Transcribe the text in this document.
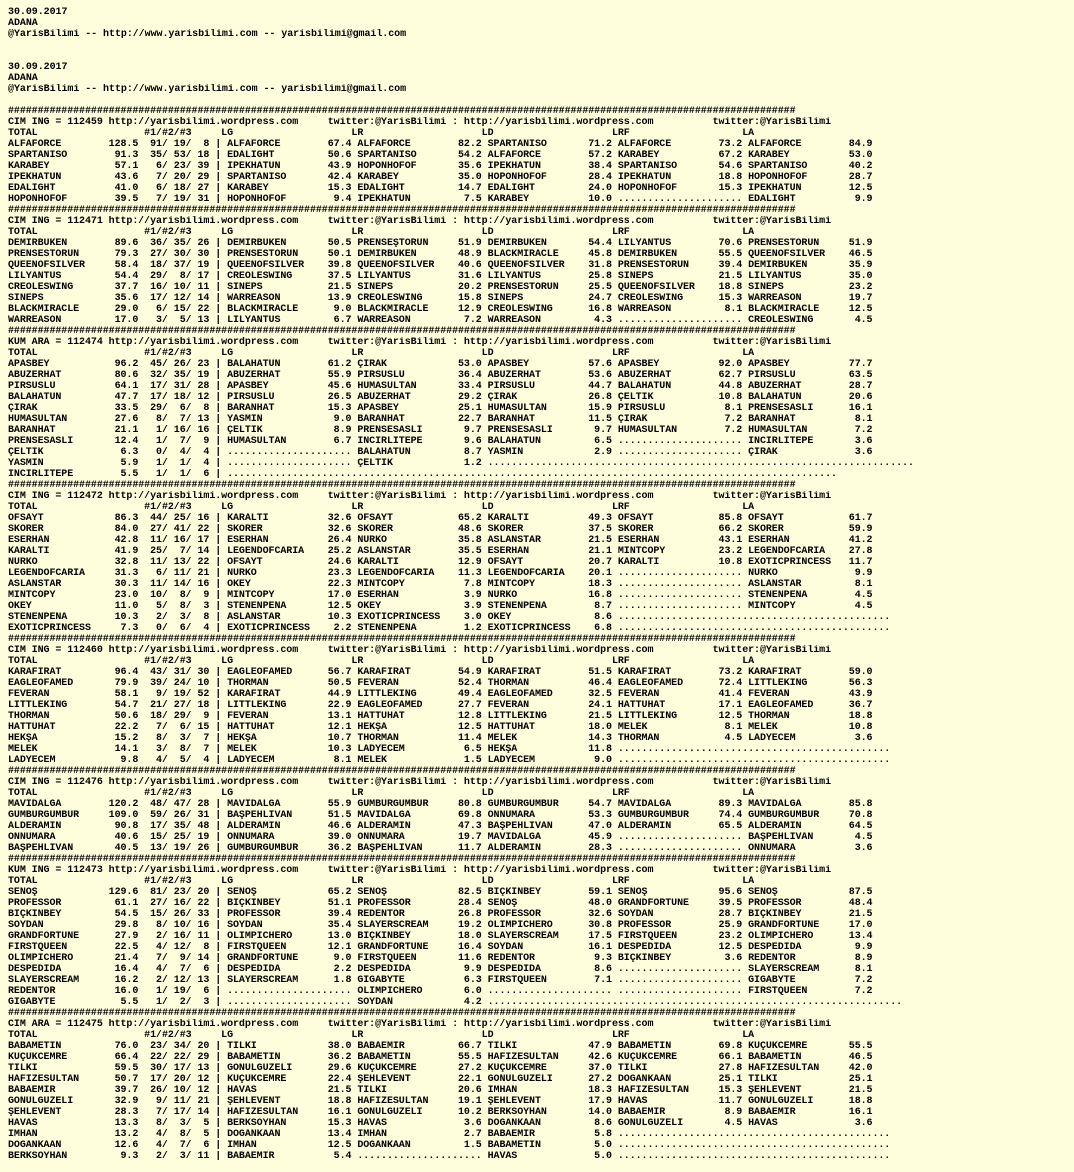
30.09.2017
ADANA
@YarisBilimi -- http://www.yarisbilimi.com -- yarisbilimi@gmail.com
30.09.2017
ADANA
@YarisBilimi -- http://www.yarisbilimi.com -- yarisbilimi@gmail.com
#####################################################################################################################################
CIM ING = 112459 http://yarisbilimi.wordpress.com     twitter:@YarisBilimi : http://yarisbilimi.wordpress.com          twitter:@YarisBilimi
TOTAL                  #1/#2/#3     LG                    LR                    LD                    LRF                   LA
ALFAFORCE        128.5  91/ 19/  8 | ALFAFORCE        67.4 ALFAFORCE        82.2 SPARTANISO       71.2 ALFAFORCE        73.2 ALFAFORCE        84.9
SPARTANISO        91.3  35/ 53/ 18 | EDALIGHT         50.6 SPARTANISO       54.2 ALFAFORCE        57.2 KARABEY          67.2 KARABEY          53.0
KARABEY           57.1   6/ 23/ 39 | İPEKHATUN        43.9 HOPONHOFOF       35.6 İPEKHATUN        38.4 SPARTANISO       54.6 SPARTANISO       40.2
İPEKHATUN         43.6   7/ 20/ 29 | SPARTANISO       42.4 KARABEY          35.0 HOPONHOFOF       28.4 İPEKHATUN        18.8 HOPONHOFOF       28.7
EDALIGHT          41.0   6/ 18/ 27 | KARABEY          15.3 EDALIGHT         14.7 EDALIGHT         24.0 HOPONHOFOF       15.3 İPEKHATUN        12.5
HOPONHOFOF        39.5   7/ 19/ 31 | HOPONHOFOF        9.4 İPEKHATUN         7.5 KARABEY          10.0 ..................... EDALIGHT          9.9
#####################################################################################################################################
CIM ING = 112471 http://yarisbilimi.wordpress.com     twitter:@YarisBilimi : http://yarisbilimi.wordpress.com          twitter:@YarisBilimi
TOTAL                  #1/#2/#3     LG                    LR                    LD                    LRF                   LA
DEMİRBÜKEN        89.6  36/ 35/ 26 | DEMİRBÜKEN       50.5 PRENSEŞTORUN     51.9 DEMİRBÜKEN       54.4 LİLYANTUS        70.6 PRENSESTORUN     51.9
PRENSESTORUN      79.3  27/ 30/ 30 | PRENSESTORUN     50.1 DEMİRBÜKEN       48.9 BLACKMIRACLE     45.8 DEMİRBÜKEN       55.5 QUEENOFSILVER    46.5
QUEENOFSILVER     58.4  18/ 37/ 19 | QUEENOFSILVER    39.8 QUEENOFSILVER    40.6 QUEENOFSILVER    31.8 PRENSESTORUN     39.4 DEMİRBÜKEN       35.9
LİLYANTUS         54.4  29/  8/ 17 | CREOLESWING      37.5 LİLYANTUS        31.6 LİLYANTUS        25.8 SİNEPS           21.5 LİLYANTUS        35.0
CREOLESWING       37.7  16/ 10/ 11 | SİNEPS           21.5 SİNEPS           20.2 PRENSESTORUN     25.5 QUEENOFSILVER    18.8 SİNEPS           23.2
SİNEPS            35.6  17/ 12/ 14 | WARREASON        13.9 CREOLESWING      15.8 SİNEPS           24.7 CREOLESWING      15.3 WARREASON        19.7
BLACKMIRACLE      29.0   6/ 15/ 22 | BLACKMIRACLE      9.0 BLACKMIRACLE     12.9 CREOLESWING      16.8 WARREASON         8.1 BLACKMIRACLE     12.5
WARREASON         17.0   3/  5/ 13 | LİLYANTUS         6.7 WARREASON         7.2 WARREASON         4.3 ..................... CREOLESWING       4.5
#####################################################################################################################################
KUM ARA = 112474 http://yarisbilimi.wordpress.com     twitter:@YarisBilimi : http://yarisbilimi.wordpress.com          twitter:@YarisBilimi
TOTAL                  #1/#2/#3     LG                    LR                    LD                    LRF                   LA
APASBEY           96.2  45/ 26/ 23 | BALAHATUN        61.2 ÇIRAK            53.0 APASBEY          57.6 APASBEY          92.0 APASBEY          77.7
ABUZERHAT         80.6  32/ 35/ 19 | ABUZERHAT        55.9 PİRSUSLU         36.4 ABUZERHAT        53.6 ABUZERHAT        62.7 PİRSUSLU         63.5
PİRSUSLU          64.1  17/ 31/ 28 | APASBEY          45.6 HÜMASULTAN       33.4 PİRSUSLU         44.7 BALAHATUN        44.8 ABUZERHAT        28.7
BALAHATUN         47.7  17/ 18/ 12 | PİRSUSLU         26.5 ABUZERHAT        29.2 ÇIRAK            26.8 ÇELTİK           10.8 BALAHATUN        20.6
ÇIRAK             33.5  29/  6/  8 | BARANHAT         15.3 APASBEY          25.1 HÜMASULTAN       15.9 PİRSUSLU          8.1 PRENSESASLI      16.1
HÜMASULTAN        27.6   8/  7/ 13 | YASMİN            9.0 BARANHAT         22.7 BARANHAT         11.5 ÇIRAK             7.2 BARANHAT          8.1
BARANHAT          21.1   1/ 16/ 16 | ÇELTİK            8.9 PRENSESASLI       9.7 PRENSESASLI       9.7 HÜMASULTAN        7.2 HÜMASULTAN        7.2
PRENSESASLI       12.4   1/  7/  9 | HÜMASULTAN        6.7 İNCİRLİTEPE       9.6 BALAHATUN         6.5 ..................... İNCİRLİTEPE       3.6
ÇELTİK             6.3   0/  4/  4 | ..................... BALAHATUN         8.7 YASMİN            2.9 ..................... ÇIRAK             3.6
YASMİN             5.9   1/  1/  4 | ..................... ÇELTİK            1.2 ........................................................................
İNCİRLİTEPE        5.5   1/  1/  6 | .......................................................................................................
#####################################################################################################################################
CIM ING = 112472 http://yarisbilimi.wordpress.com     twitter:@YarisBilimi : http://yarisbilimi.wordpress.com          twitter:@YarisBilimi
TOTAL                  #1/#2/#3     LG                    LR                    LD                    LRF                   LA
OFSAYT            86.3  44/ 25/ 16 | KARALTI          32.6 OFSAYT           65.2 KARALTI          49.3 OFSAYT           85.8 OFSAYT           61.7
SKORER            84.0  27/ 41/ 22 | SKORER           32.6 SKORER           48.6 SKORER           37.5 SKORER           66.2 SKORER           59.9
ESERHAN           42.8  11/ 16/ 17 | ESERHAN          26.4 NURKO            35.8 ASLANSTAR        21.5 ESERHAN          43.1 ESERHAN          41.2
KARALTI           41.9  25/  7/ 14 | LEGENDOFCARIA    25.2 ASLANSTAR        35.5 ESERHAN          21.1 MINTCOPY         23.2 LEGENDOFCARIA    27.8
NURKO             32.8  11/ 13/ 22 | OFSAYT           24.6 KARALTI          12.9 OFSAYT           20.7 KARALTI          10.8 EXOTICPRINCESS   11.7
LEGENDOFCARIA     31.3   6/ 11/ 21 | NURKO            23.3 LEGENDOFCARIA    11.3 LEGENDOFCARIA    20.1 ..................... NURKO             9.9
ASLANSTAR         30.3  11/ 14/ 16 | OKEY             22.3 MINTCOPY          7.8 MINTCOPY         18.3 ..................... ASLANSTAR         8.1
MINTCOPY          23.0  10/  8/  9 | MINTCOPY         17.0 ESERHAN           3.9 NURKO            16.8 ..................... STENENPENA        4.5
OKEY              11.0   5/  8/  3 | STENENPENA       12.5 OKEY              3.9 STENENPENA        8.7 ..................... MINTCOPY          4.5
STENENPENA        10.3   2/  3/  8 | ASLANSTAR        10.3 EXOTICPRINCESS    3.0 OKEY              8.6 ..............................................
EXOTICPRINCESS     7.3   0/  6/  4 | EXOTICPRINCESS    2.2 STENENPENA        1.2 EXOTICPRINCESS    6.8 ..............................................
#####################################################################################################################################
CIM ING = 112460 http://yarisbilimi.wordpress.com     twitter:@YarisBilimi : http://yarisbilimi.wordpress.com          twitter:@YarisBilimi
TOTAL                  #1/#2/#3     LG                    LR                    LD                    LRF                   LA
KARAFIRAT         96.4  43/ 31/ 30 | EAGLEOFAMED      56.7 KARAFIRAT        54.9 KARAFIRAT        51.5 KARAFIRAT        73.2 KARAFIRAT        59.0
EAGLEOFAMED       79.9  39/ 24/ 10 | THORMAN          50.5 FEVERAN          52.4 THORMAN          46.4 EAGLEOFAMED      72.4 LITTLEKING       56.3
FEVERAN           58.1   9/ 19/ 52 | KARAFIRAT        44.9 LITTLEKING       49.4 EAGLEOFAMED      32.5 FEVERAN          41.4 FEVERAN          43.9
LITTLEKING        54.7  21/ 27/ 18 | LITTLEKING       22.9 EAGLEOFAMED      27.7 FEVERAN          24.1 HATTUHAT         17.1 EAGLEOFAMED      36.7
THORMAN           50.6  18/ 29/  9 | FEVERAN          13.1 HATTUHAT         12.8 LITTLEKING       21.5 LITTLEKING       12.5 THORMAN          18.8
HATTUHAT          22.2   7/  6/ 15 | HATTUHAT         12.1 HEKŞA            12.5 HATTUHAT         18.0 MELEK             8.1 MELEK            10.8
HEKŞA             15.2   8/  3/  7 | HEKŞA            10.7 THORMAN          11.4 MELEK            14.3 THORMAN           4.5 LADYECEM          3.6
MELEK             14.1   3/  8/  7 | MELEK            10.3 LADYECEM          6.5 HEKŞA            11.8 ..............................................
LADYECEM           9.8   4/  5/  4 | LADYECEM          8.1 MELEK             1.5 LADYECEM          9.0 ..............................................
#####################################################################################################################################
CIM ING = 112476 http://yarisbilimi.wordpress.com     twitter:@YarisBilimi : http://yarisbilimi.wordpress.com          twitter:@YarisBilimi
TOTAL                  #1/#2/#3     LG                    LR                    LD                    LRF                   LA
MAVİDALGA        120.2  48/ 47/ 28 | MAVİDALGA        55.9 GUMBÜRGÜMBÜR     80.8 GUMBÜRGÜMBÜR     54.7 MAVİDALGA        89.3 MAVİDALGA        85.8
GUMBÜRGÜMBÜR     109.0  59/ 26/ 31 | BAŞPEHLİVAN      51.5 MAVİDALGA        69.8 ONNUMARA         53.3 GUMBÜRGÜMBÜR     74.4 GUMBÜRGÜMBÜR     70.8
ALDERAMİN         90.8  17/ 35/ 48 | ALDERAMİN        46.6 ALDERAMİN        47.3 BAŞPEHLİVAN      47.0 ALDERAMİN        65.5 ALDERAMİN        64.5
ONNUMARA          40.6  15/ 25/ 19 | ONNUMARA         39.0 ONNUMARA         19.7 MAVİDALGA        45.9 ..................... BAŞPEHLİVAN       4.5
BAŞPEHLİVAN       40.5  13/ 19/ 26 | GUMBÜRGÜMBÜR     36.2 BAŞPEHLİVAN      11.7 ALDERAMİN        28.3 ..................... ONNUMARA          3.6
#####################################################################################################################################
KUM ING = 112473 http://yarisbilimi.wordpress.com     twitter:@YarisBilimi : http://yarisbilimi.wordpress.com          twitter:@YarisBilimi
TOTAL                  #1/#2/#3     LG                    LR                    LD                    LRF                   LA
SENOŞ            129.6  81/ 23/ 20 | SENOŞ            65.2 SENOŞ            82.5 BIÇKINBEY        59.1 SENOŞ            95.6 SENOŞ            87.5
PROFESSOR         61.1  27/ 16/ 22 | BIÇKINBEY        51.1 PROFESSOR        28.4 SENOŞ            48.0 GRANDFORTUNE     39.5 PROFESSOR        48.4
BIÇKINBEY         54.5  15/ 26/ 33 | PROFESSOR        39.4 REDENTOR         26.8 PROFESSOR        32.6 SOYDAN           28.7 BIÇKINBEY        21.5
SOYDAN            29.8   8/ 10/ 16 | SOYDAN           35.4 SLAYERSCREAM     19.2 OLİMPİCHERO      30.8 PROFESSOR        25.9 GRANDFORTUNE     17.0
GRANDFORTUNE      27.9   2/ 16/ 11 | OLİMPİCHERO      13.0 BIÇKINBEY        18.0 SLAYERSCREAM     17.5 FIRSTQUEEN       23.2 OLİMPİCHERO      13.4
FIRSTQUEEN        22.5   4/ 12/  8 | FIRSTQUEEN       12.1 GRANDFORTUNE     16.4 SOYDAN           16.1 DESPEDİDA        12.5 DESPEDİDA         9.9
OLİMPİCHERO       21.4   7/  9/ 14 | GRANDFORTUNE      9.0 FIRSTQUEEN       11.6 REDENTOR          9.3 BIÇKINBEY         3.6 REDENTOR          8.9
DESPEDİDA         16.4   4/  7/  6 | DESPEDİDA         2.2 DESPEDİDA         9.9 DESPEDİDA         8.6 ..................... SLAYERSCREAM      8.1
SLAYERSCREAM      16.2   2/ 12/ 13 | SLAYERSCREAM      1.8 GIGABYTE          6.3 FIRSTQUEEN        7.1 ..................... GIGABYTE          7.2
REDENTOR          16.0   1/ 19/  6 | ..................... OLİMPİCHERO       6.0 ..................... ..................... FIRSTQUEEN        7.2
GIGABYTE           5.5   1/  2/  3 | ..................... SOYDAN            4.2 ......................................................................
#####################################################################################################################################
CIM ARA = 112475 http://yarisbilimi.wordpress.com     twitter:@YarisBilimi : http://yarisbilimi.wordpress.com          twitter:@YarisBilimi
TOTAL                  #1/#2/#3     LG                    LR                    LD                    LRF                   LA
BABAMETİN         76.0  23/ 34/ 20 | TİLKİ            38.0 BABAEMİR         66.7 TİLKİ            47.9 BABAMETİN        69.8 KUÇUKCEMRE       55.5
KUÇUKCEMRE        66.4  22/ 22/ 29 | BABAMETİN        36.2 BABAMETİN        55.5 HAFİZESULTAN     42.6 KUÇUKCEMRE       66.1 BABAMETİN        46.5
TİLKİ             59.5  30/ 17/ 13 | GÖNÜLGÜZELİ      29.6 KUÇUKCEMRE       27.2 KUÇUKCEMRE       37.0 TİLKİ            27.8 HAFİZESULTAN     42.0
HAFİZESULTAN      50.7  17/ 20/ 12 | KUÇUKCEMRE       22.4 ŞEHLEVENT        22.1 GÖNÜLGÜZELİ      27.2 DOGANKAAN        25.1 TİLKİ            25.1
BABAEMİR          39.7  26/ 10/ 12 | HAVAS            21.5 TİLKİ            20.6 İMHAN            18.3 HAFİZESULTAN     15.3 ŞEHLEVENT        21.5
GÖNÜLGÜZELİ       32.9   9/ 11/ 21 | ŞEHLEVENT        18.8 HAFİZESULTAN     19.1 ŞEHLEVENT        17.9 HAVAS            11.7 GÖNÜLGÜZELİ      18.8
ŞEHLEVENT         28.3   7/ 17/ 14 | HAFİZESULTAN     16.1 GÖNÜLGÜZELİ      10.2 BERKSOYHAN       14.0 BABAEMİR          8.9 BABAEMİR         16.1
HAVAS             13.3   8/  3/  5 | BERKSOYHAN       15.3 HAVAS             3.6 DOGANKAAN         8.6 GÖNÜLGÜZELİ       4.5 HAVAS             3.6
İMHAN             13.2   4/  8/  5 | DOGANKAAN        13.4 İMHAN             2.7 BABAEMİR          5.8 ..............................................
DOGANKAAN         12.6   4/  7/  6 | İMHAN            12.5 DOGANKAAN         1.5 BABAMETİN         5.0 ..............................................
BERKSOYHAN         9.3   2/  3/ 11 | BABAEMİR          5.4 ..................... HAVAS             5.0 ..............................................
